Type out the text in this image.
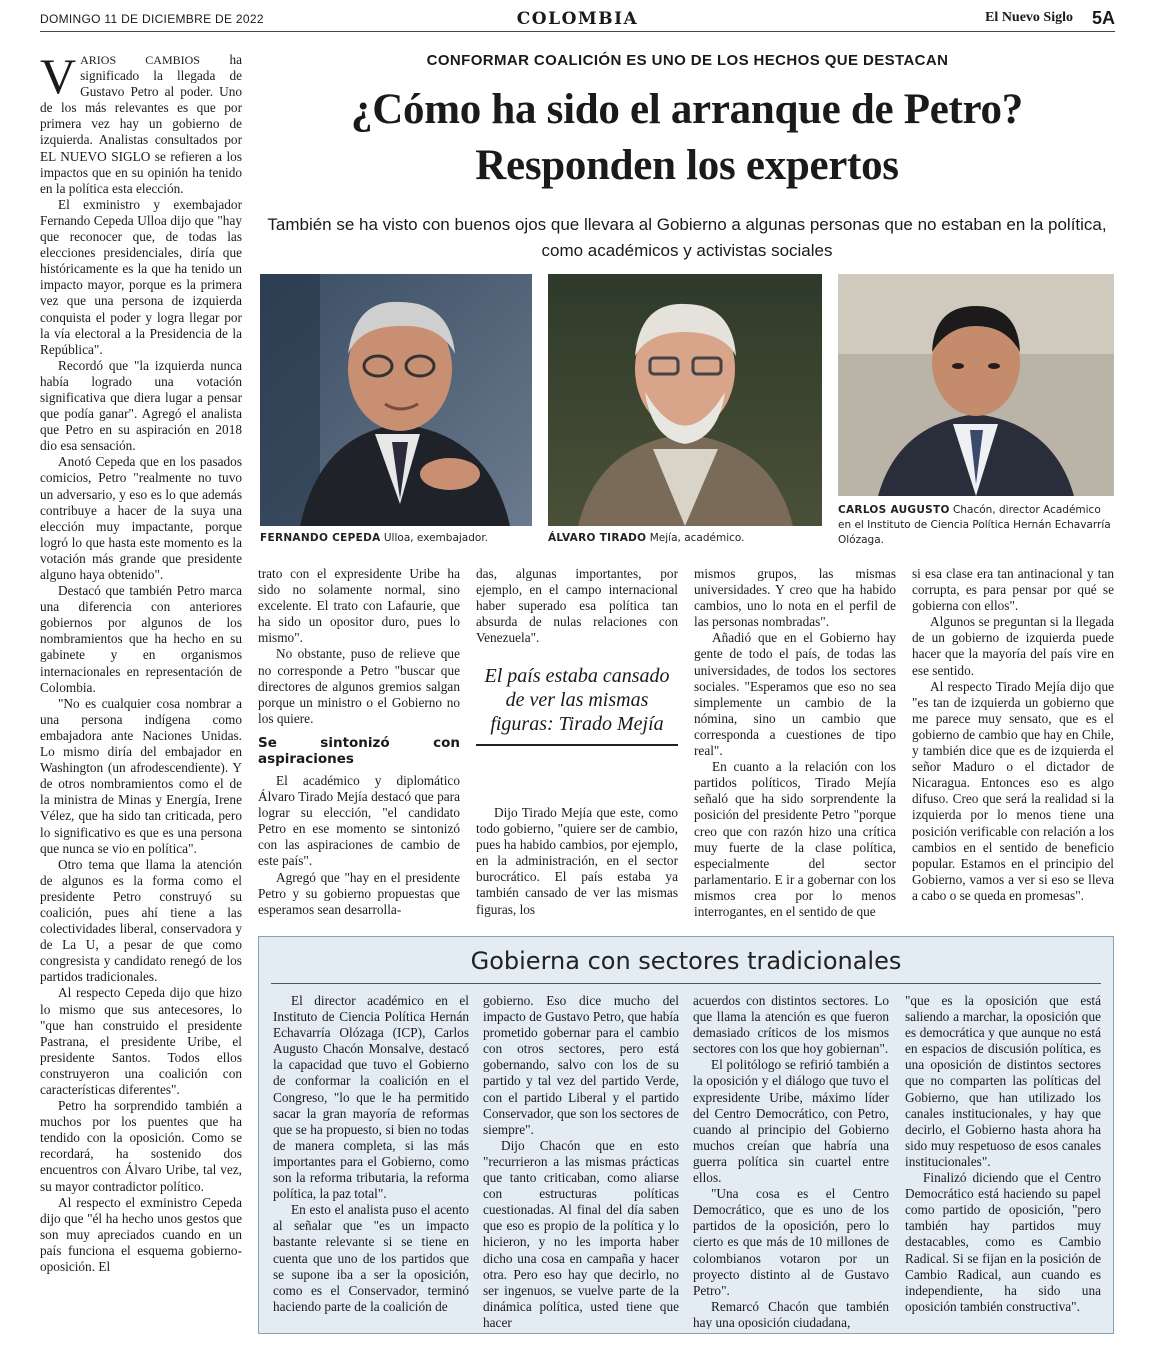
DOMINGO 11 DE DICIEMBRE DE 2022	COLOMBIA	El Nuevo Siglo 5A

VARIOS CAMBIOS ha significado la llegada de Gustavo Petro al poder. Uno de los más relevantes es que por primera vez hay un gobierno de izquierda. Analistas consultados por EL NUEVO SIGLO se refieren a los impactos que en su opinión ha tenido en la política esta elección.

El exministro y exembajador Fernando Cepeda Ulloa dijo que "hay que reconocer que, de todas las elecciones presidenciales, diría que históricamente es la que ha tenido un impacto mayor, porque es la primera vez que una persona de izquierda conquista el poder y logra llegar por la vía electoral a la Presidencia de la República".

Recordó que "la izquierda nunca había logrado una votación significativa que diera lugar a pensar que podía ganar". Agregó el analista que Petro en su aspiración en 2018 dio esa sensación.

Anotó Cepeda que en los pasados comicios, Petro "realmente no tuvo un adversario, y eso es lo que además contribuye a hacer de la suya una elección muy impactante, porque logró lo que hasta este momento es la votación más grande que presidente alguno haya obtenido".

Destacó que también Petro marca una diferencia con anteriores gobiernos por algunos de los nombramientos que ha hecho en su gabinete y en organismos internacionales en representación de Colombia.

"No es cualquier cosa nombrar a una persona indígena como embajadora ante Naciones Unidas. Lo mismo diría del embajador en Washington (un afrodescendiente). Y de otros nombramientos como el de la ministra de Minas y Energía, Irene Vélez, que ha sido tan criticada, pero lo significativo es que es una persona que nunca se vio en política".

Otro tema que llama la atención de algunos es la forma como el presidente Petro construyó su coalición, pues ahí tiene a las colectividades liberal, conservadora y de La U, a pesar de que como congresista y candidato renegó de los partidos tradicionales.

Al respecto Cepeda dijo que hizo lo mismo que sus antecesores, lo "que han construido el presidente Pastrana, el presidente Uribe, el presidente Santos. Todos ellos construyeron una coalición con características diferentes".

Petro ha sorprendido también a muchos por los puentes que ha tendido con la oposición. Como se recordará, ha sostenido dos encuentros con Álvaro Uribe, tal vez, su mayor contradictor político.

Al respecto el exministro Cepeda dijo que "él ha hecho unos gestos que son muy apreciados cuando en un país funciona el esquema gobierno-oposición. El

CONFORMAR COALICIÓN ES UNO DE LOS HECHOS QUE DESTACAN
¿Cómo ha sido el arranque de Petro?
Responden los expertos
También se ha visto con buenos ojos que llevara al Gobierno a algunas personas que no estaban en la política, como académicos y activistas sociales
FERNANDO CEPEDA Ulloa, exembajador.	ÁLVARO TIRADO Mejía, académico.
CARLOS AUGUSTO Chacón, director Académico en el Instituto de Ciencia Política Hernán Echavarría Olózaga.

trato con el expresidente Uribe ha sido no solamente normal, sino excelente. El trato con Lafaurie, que ha sido un opositor duro, pues lo mismo".

No obstante, puso de relieve que no corresponde a Petro "buscar que directores de algunos gremios salgan porque un ministro o el Gobierno no los quiere.

Se sintonizó con aspiraciones

El académico y diplomático Álvaro Tirado Mejía destacó que para lograr su elección, "el candidato Petro en ese momento se sintonizó con las aspiraciones de cambio de este país".

Agregó que "hay en el presidente Petro y su gobierno propuestas que esperamos sean desarrolla-

das, algunas importantes, por ejemplo, en el campo internacional haber superado esa política tan absurda de nulas relaciones con Venezuela".

El país estaba cansado de ver las mismas figuras: Tirado Mejía

Dijo Tirado Mejía que este, como todo gobierno, "quiere ser de cambio, pues ha habido cambios, por ejemplo, en la administración, en el sector burocrático. El país estaba ya también cansado de ver las mismas figuras, los

mismos grupos, las mismas universidades. Y creo que ha habido cambios, uno lo nota en el perfil de las personas nombradas".

Añadió que en el Gobierno hay gente de todo el país, de todas las universidades, de todos los sectores sociales. "Esperamos que eso no sea simplemente un cambio de la nómina, sino un cambio que corresponda a cuestiones de tipo real".

En cuanto a la relación con los partidos políticos, Tirado Mejía señaló que ha sido sorprendente la posición del presidente Petro "porque creo que con razón hizo una crítica muy fuerte de la clase política, especialmente del sector parlamentario. E ir a gobernar con los mismos crea por lo menos interrogantes, en el sentido de que

si esa clase era tan antinacional y tan corrupta, es para pensar por qué se gobierna con ellos".

Algunos se preguntan si la llegada de un gobierno de izquierda puede hacer que la mayoría del país vire en ese sentido.

Al respecto Tirado Mejía dijo que "es tan de izquierda un gobierno que me parece muy sensato, que es el gobierno de cambio que hay en Chile, y también dice que es de izquierda el señor Maduro o el dictador de Nicaragua. Entonces eso es algo difuso. Creo que será la realidad si la izquierda por lo menos tiene una posición verificable con relación a los cambios en el sentido de beneficio popular. Estamos en el principio del Gobierno, vamos a ver si eso se lleva a cabo o se queda en promesas".

Gobierna con sectores tradicionales

El director académico en el Instituto de Ciencia Política Hernán Echavarría Olózaga (ICP), Carlos Augusto Chacón Monsalve, destacó la capacidad que tuvo el Gobierno de conformar la coalición en el Congreso, "lo que le ha permitido sacar la gran mayoría de reformas que se ha propuesto, si bien no todas de manera completa, si las más importantes para el Gobierno, como son la reforma tributaria, la reforma política, la paz total".

En esto el analista puso el acento al señalar que "es un impacto bastante relevante si se tiene en cuenta que uno de los partidos que se supone iba a ser la oposición, como es el Conservador, terminó haciendo parte de la coalición de

gobierno. Eso dice mucho del impacto de Gustavo Petro, que había prometido gobernar para el cambio con otros sectores, pero está gobernando, salvo con los de su partido y tal vez del partido Verde, con el partido Liberal y el partido Conservador, que son los sectores de siempre".

Dijo Chacón que en esto "recurrieron a las mismas prácticas que tanto criticaban, como aliarse con estructuras políticas cuestionadas. Al final del día saben que eso es propio de la política y lo hicieron, y no les importa haber dicho una cosa en campaña y hacer otra. Pero eso hay que decirlo, no ser ingenuos, se vuelve parte de la dinámica política, usted tiene que hacer

acuerdos con distintos sectores. Lo que llama la atención es que fueron demasiado críticos de los mismos sectores con los que hoy gobiernan".

El politólogo se refirió también a la oposición y el diálogo que tuvo el expresidente Uribe, máximo líder del Centro Democrático, con Petro, cuando al principio del Gobierno muchos creían que habría una guerra política sin cuartel entre ellos.

"Una cosa es el Centro Democrático, que es uno de los partidos de la oposición, pero lo cierto es que más de 10 millones de colombianos votaron por un proyecto distinto al de Gustavo Petro".

Remarcó Chacón que también hay una oposición ciudadana,

"que es la oposición que está saliendo a marchar, la oposición que es democrática y que aunque no está en espacios de discusión política, es una oposición de distintos sectores que no comparten las políticas del Gobierno, que han utilizado los canales institucionales, y hay que decirlo, el Gobierno hasta ahora ha sido muy respetuoso de esos canales institucionales".

Finalizó diciendo que el Centro Democrático está haciendo su papel como partido de oposición, "pero también hay partidos muy destacables, como es Cambio Radical. Si se fijan en la posición de Cambio Radical, aun cuando es independiente, ha sido una oposición también constructiva".
